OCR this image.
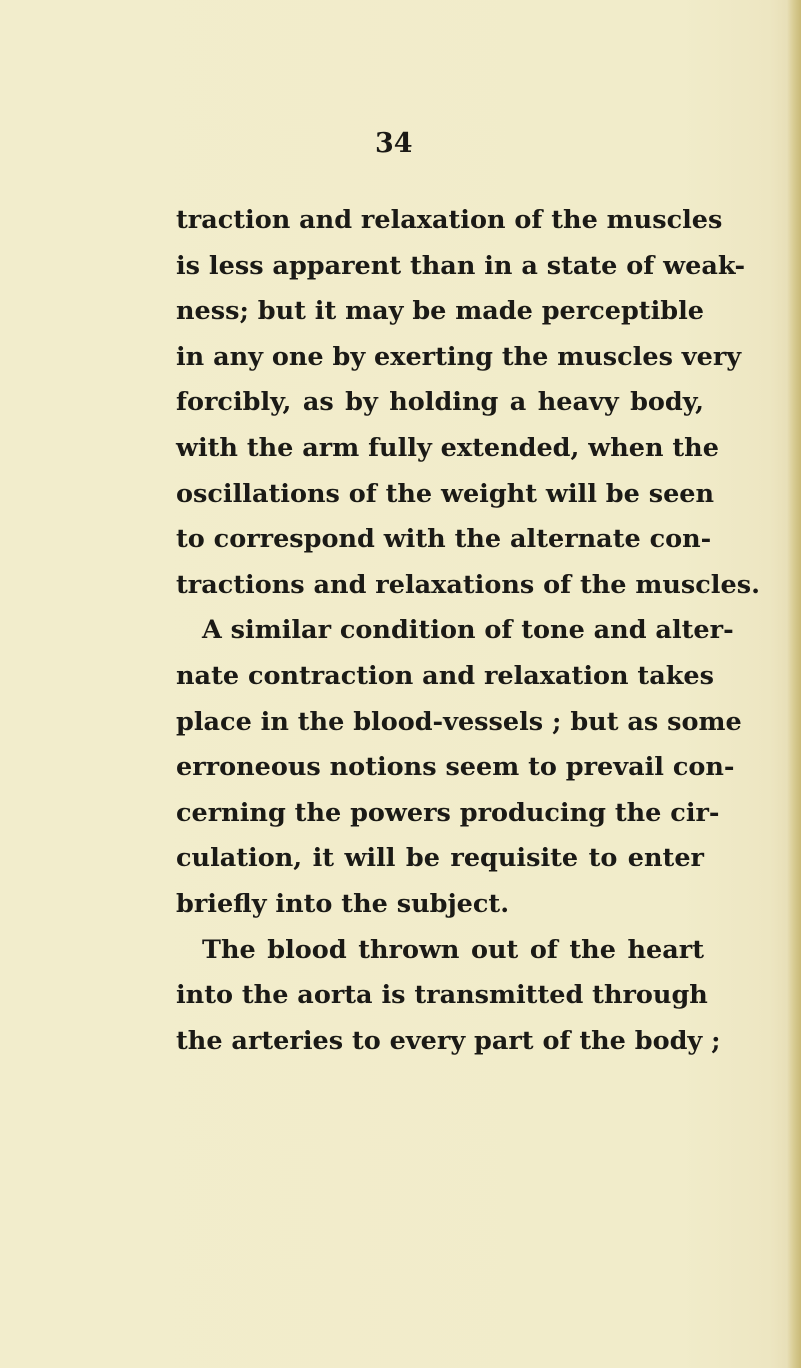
34
traction and relaxation of the muscles
is less apparent than in a state of weak-
ness; but it may be made perceptible
in any one by exerting the muscles very
forcibly, as by holding a heavy body,
with the arm fully extended, when the
oscillations of the weight will be seen
to correspond with the alternate con-
tractions and relaxations of the muscles.
A similar condition of tone and alter-
nate contraction and relaxation takes
place in the blood-vessels ; but as some
erroneous notions seem to prevail con-
cerning the powers producing the cir-
culation, it will be requisite to enter
briefly into the subject.
The blood thrown out of the heart
into the aorta is transmitted through
the arteries to every part of the body ;
